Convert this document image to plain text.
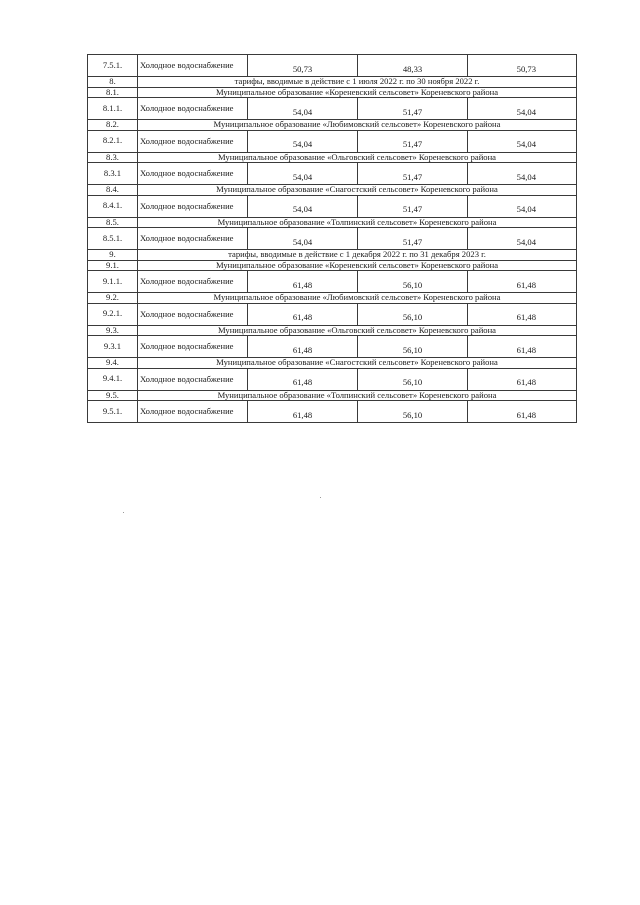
7.5.1.	Холодное водоснабжение	50,73	48,33	50,73
8.	тарифы, вводимые в действие с 1 июля 2022 г. по 30 ноября 2022 г.			
8.1.	Муниципальное образование «Кореневский сельсовет» Кореневского района			
8.1.1.	Холодное водоснабжение	54,04	51,47	54,04
8.2.	Муниципальное образование «Любимовский сельсовет» Кореневского района			
8.2.1.	Холодное водоснабжение	54,04	51,47	54,04
8.3.	Муниципальное образование «Ольговский сельсовет» Кореневского района			
8.3.1	Холодное водоснабжение	54,04	51,47	54,04
8.4.	Муниципальное образование «Снагостский сельсовет» Кореневского района			
8.4.1.	Холодное водоснабжение	54,04	51,47	54,04
8.5.	Муниципальное образование «Толпинский сельсовет» Кореневского района			
8.5.1.	Холодное водоснабжение	54,04	51,47	54,04
9.	тарифы, вводимые в действие с 1 декабря 2022 г. по 31 декабря 2023 г.			
9.1.	Муниципальное образование «Кореневский сельсовет» Кореневского района			
9.1.1.	Холодное водоснабжение	61,48	56,10	61,48
9.2.	Муниципальное образование «Любимовский сельсовет» Кореневского района			
9.2.1.	Холодное водоснабжение	61,48	56,10	61,48
9.3.	Муниципальное образование «Ольговский сельсовет» Кореневского района			
9.3.1	Холодное водоснабжение	61,48	56,10	61,48
9.4.	Муниципальное образование «Снагостский сельсовет» Кореневского района			
9.4.1.	Холодное водоснабжение	61,48	56,10	61,48
9.5.	Муниципальное образование «Толпинский сельсовет» Кореневского района			
9.5.1.	Холодное водоснабжение	61,48	56,10	61,48
